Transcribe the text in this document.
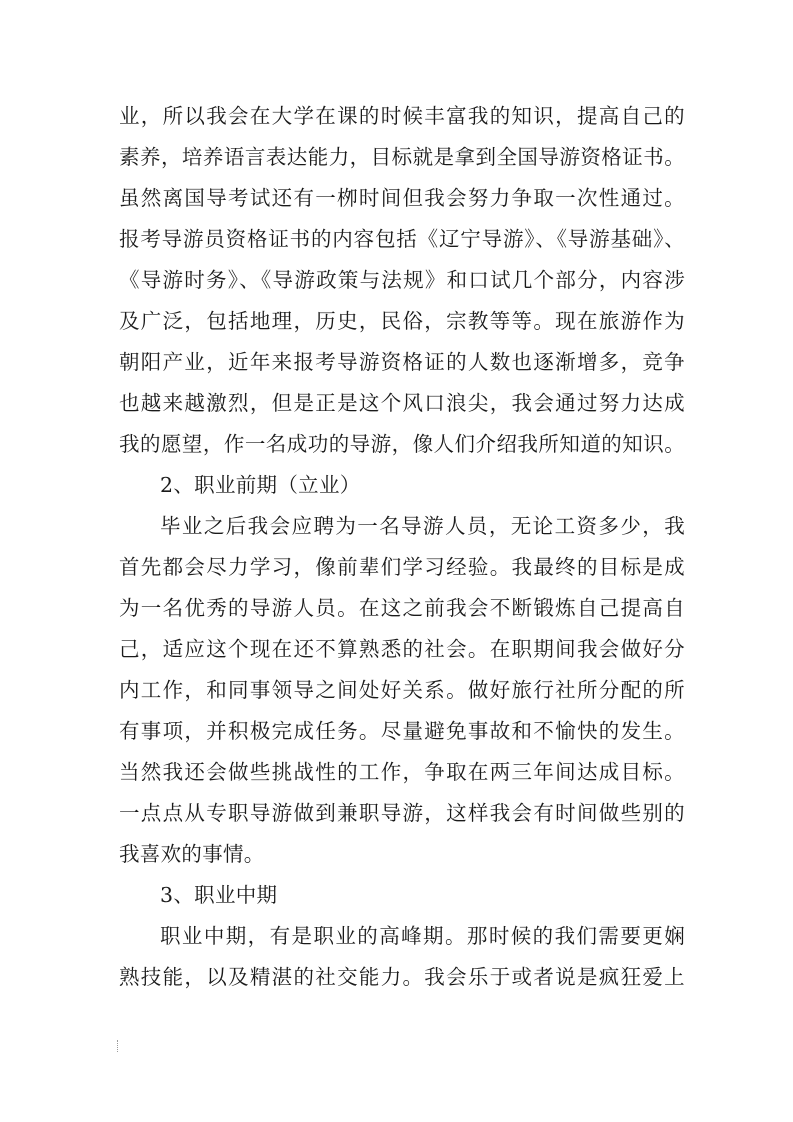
业，所以我会在大学在课的时候丰富我的知识，提高自己的
素养，培养语言表达能力，目标就是拿到全国导游资格证书。
虽然离国导考试还有一栁时间但我会努力争取一次性通过。
报考导游员资格证书的内容包括《辽宁导游》、《导游基础》、
《导游时务》、《导游政策与法规》和口试几个部分，内容涉
及广泛，包括地理，历史，民俗，宗教等等。现在旅游作为
朝阳产业，近年来报考导游资格证的人数也逐渐增多，竞争
也越来越激烈，但是正是这个风口浪尖，我会通过努力达成
我的愿望，作一名成功的导游，像人们介绍我所知道的知识。
2、职业前期（立业）
毕业之后我会应聘为一名导游人员，无论工资多少，我
首先都会尽力学习，像前辈们学习经验。我最终的目标是成
为一名优秀的导游人员。在这之前我会不断锻炼自己提高自
己，适应这个现在还不算熟悉的社会。在职期间我会做好分
内工作，和同事领导之间处好关系。做好旅行社所分配的所
有事项，并积极完成任务。尽量避免事故和不愉快的发生。
当然我还会做些挑战性的工作，争取在两三年间达成目标。
一点点从专职导游做到兼职导游，这样我会有时间做些别的
我喜欢的事情。
3、职业中期
职业中期，有是职业的高峰期。那时候的我们需要更娴
熟技能，以及精湛的社交能力。我会乐于或者说是疯狂爱上
